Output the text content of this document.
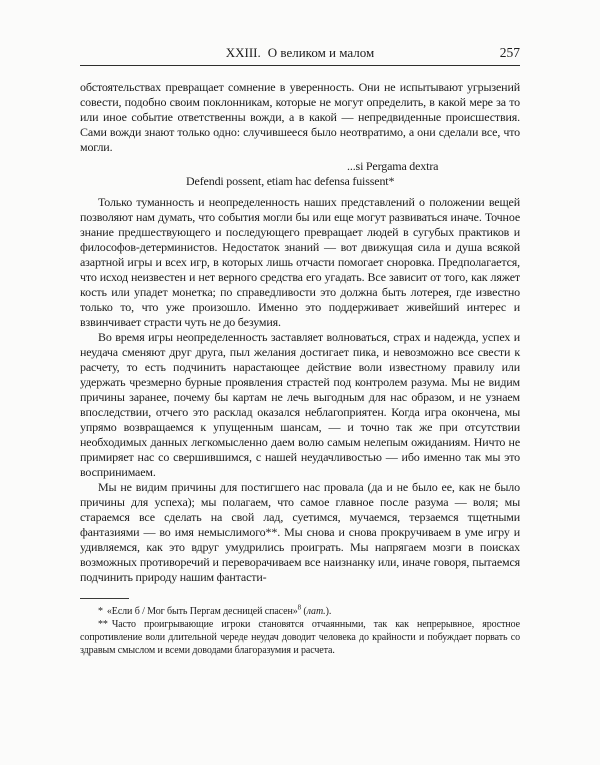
XXIII. О великом и малом	257

обстоятельствах превращает сомнение в уверенность. Они не испытывают угрызений совести, подобно своим поклонникам, которые не могут определить, в какой мере за то или иное событие ответственны вожди, а в какой — непредвиденные происшествия. Сами вожди знают только одно: случившееся было неотвратимо, а они сделали все, что могли.

...si Pergama dextra
Defendi possent, etiam hac defensa fuissent*

Только туманность и неопределенность наших представлений о положении вещей позволяют нам думать, что события могли бы или еще могут развиваться иначе. Точное знание предшествующего и последующего превращает людей в сугубых практиков и философов-детерминистов. Недостаток знаний — вот движущая сила и душа всякой азартной игры и всех игр, в которых лишь отчасти помогает сноровка. Предполагается, что исход неизвестен и нет верного средства его угадать. Все зависит от того, как ляжет кость или упадет монетка; по справедливости это должна быть лотерея, где известно только то, что уже произошло. Именно это поддерживает живейший интерес и взвинчивает страсти чуть не до безумия.

Во время игры неопределенность заставляет волноваться, страх и надежда, успех и неудача сменяют друг друга, пыл желания достигает пика, и невозможно все свести к расчету, то есть подчинить нарастающее действие воли известному правилу или удержать чрезмерно бурные проявления страстей под контролем разума. Мы не видим причины заранее, почему бы картам не лечь выгодным для нас образом, и не узнаем впоследствии, отчего это расклад оказался неблагоприятен. Когда игра окончена, мы упрямо возвращаемся к упущенным шансам, — и точно так же при отсутствии необходимых данных легкомысленно даем волю самым нелепым ожиданиям. Ничто не примиряет нас со свершившимся, с нашей неудачливостью — ибо именно так мы это воспринимаем.

Мы не видим причины для постигшего нас провала (да и не было ее, как не было причины для успеха); мы полагаем, что самое главное после разума — воля; мы стараемся все сделать на свой лад, суетимся, мучаемся, терзаемся тщетными фантазиями — во имя немыслимого**. Мы снова и снова прокручиваем в уме игру и удивляемся, как это вдруг умудрились проиграть. Мы напрягаем мозги в поисках возможных противоречий и переворачиваем все наизнанку или, иначе говоря, пытаемся подчинить природу нашим фантасти-

* «Если б / Мог быть Пергам десницей спасен»$^8$ (лат.).

** Часто проигрывающие игроки становятся отчаянными, так как непрерывное, яростное сопротивление воли длительной череде неудач доводит человека до крайности и побуждает порвать со здравым смыслом и всеми доводами благоразумия и расчета.
